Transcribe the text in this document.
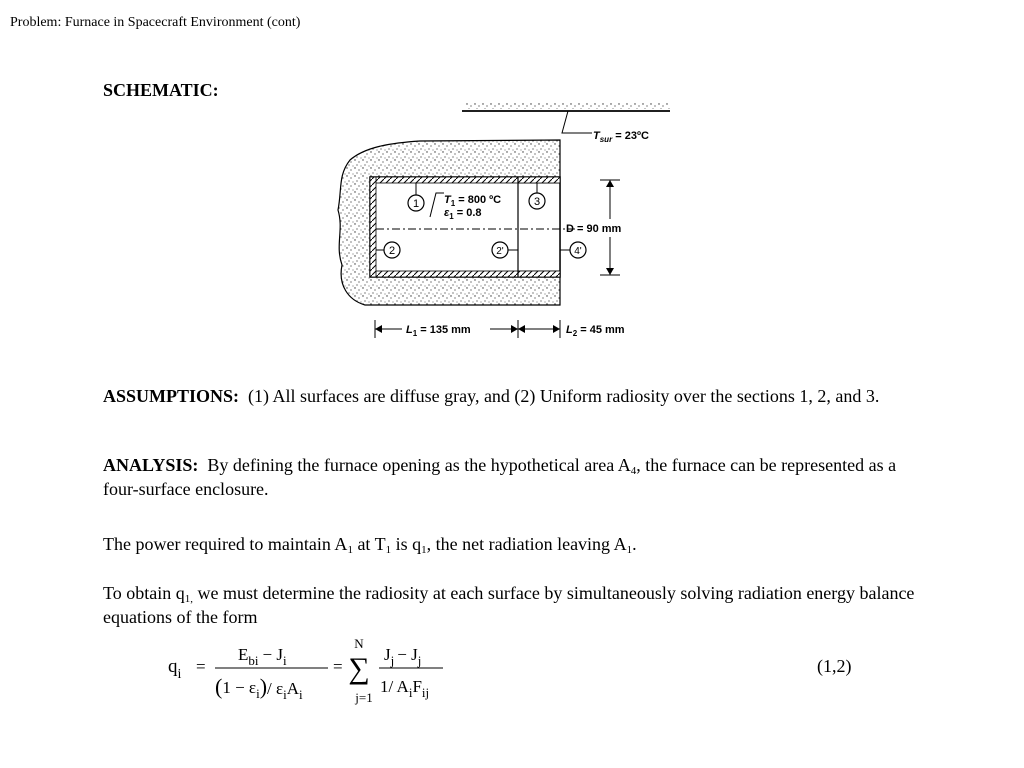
Problem: Furnace in Spacecraft Environment (cont)
SCHEMATIC:
1	3
2	2'	4'
$T_{sur}$ = 23ºC
$T_1 = 800$ ºC
$\varepsilon_1 = 0.8$
D = 90 mm
$L_1 = 135$ mm	$L_2 = 45$ mm
ASSUMPTIONS: (1) All surfaces are diffuse gray, and (2) Uniform radiosity over the sections 1, 2, and 3.
ANALYSIS: By defining the furnace opening as the hypothetical area $A_4$, the furnace can be represented as a four-surface enclosure.
The power required to maintain $A_1$ at $T_1$ is $q_1$, the net radiation leaving $A_1$.
To obtain $q_{1,}$ we must determine the radiosity at each surface by simultaneously solving radiation energy balance equations of the form
$q_i$ =
$E_{bi} - J_i$
$(1 - \varepsilon_i)/$ $\varepsilon_iA_i$
=
N
∑
j=1
$J_j - J_j$
1/ $A_iF_{ij}$
(1,2)
